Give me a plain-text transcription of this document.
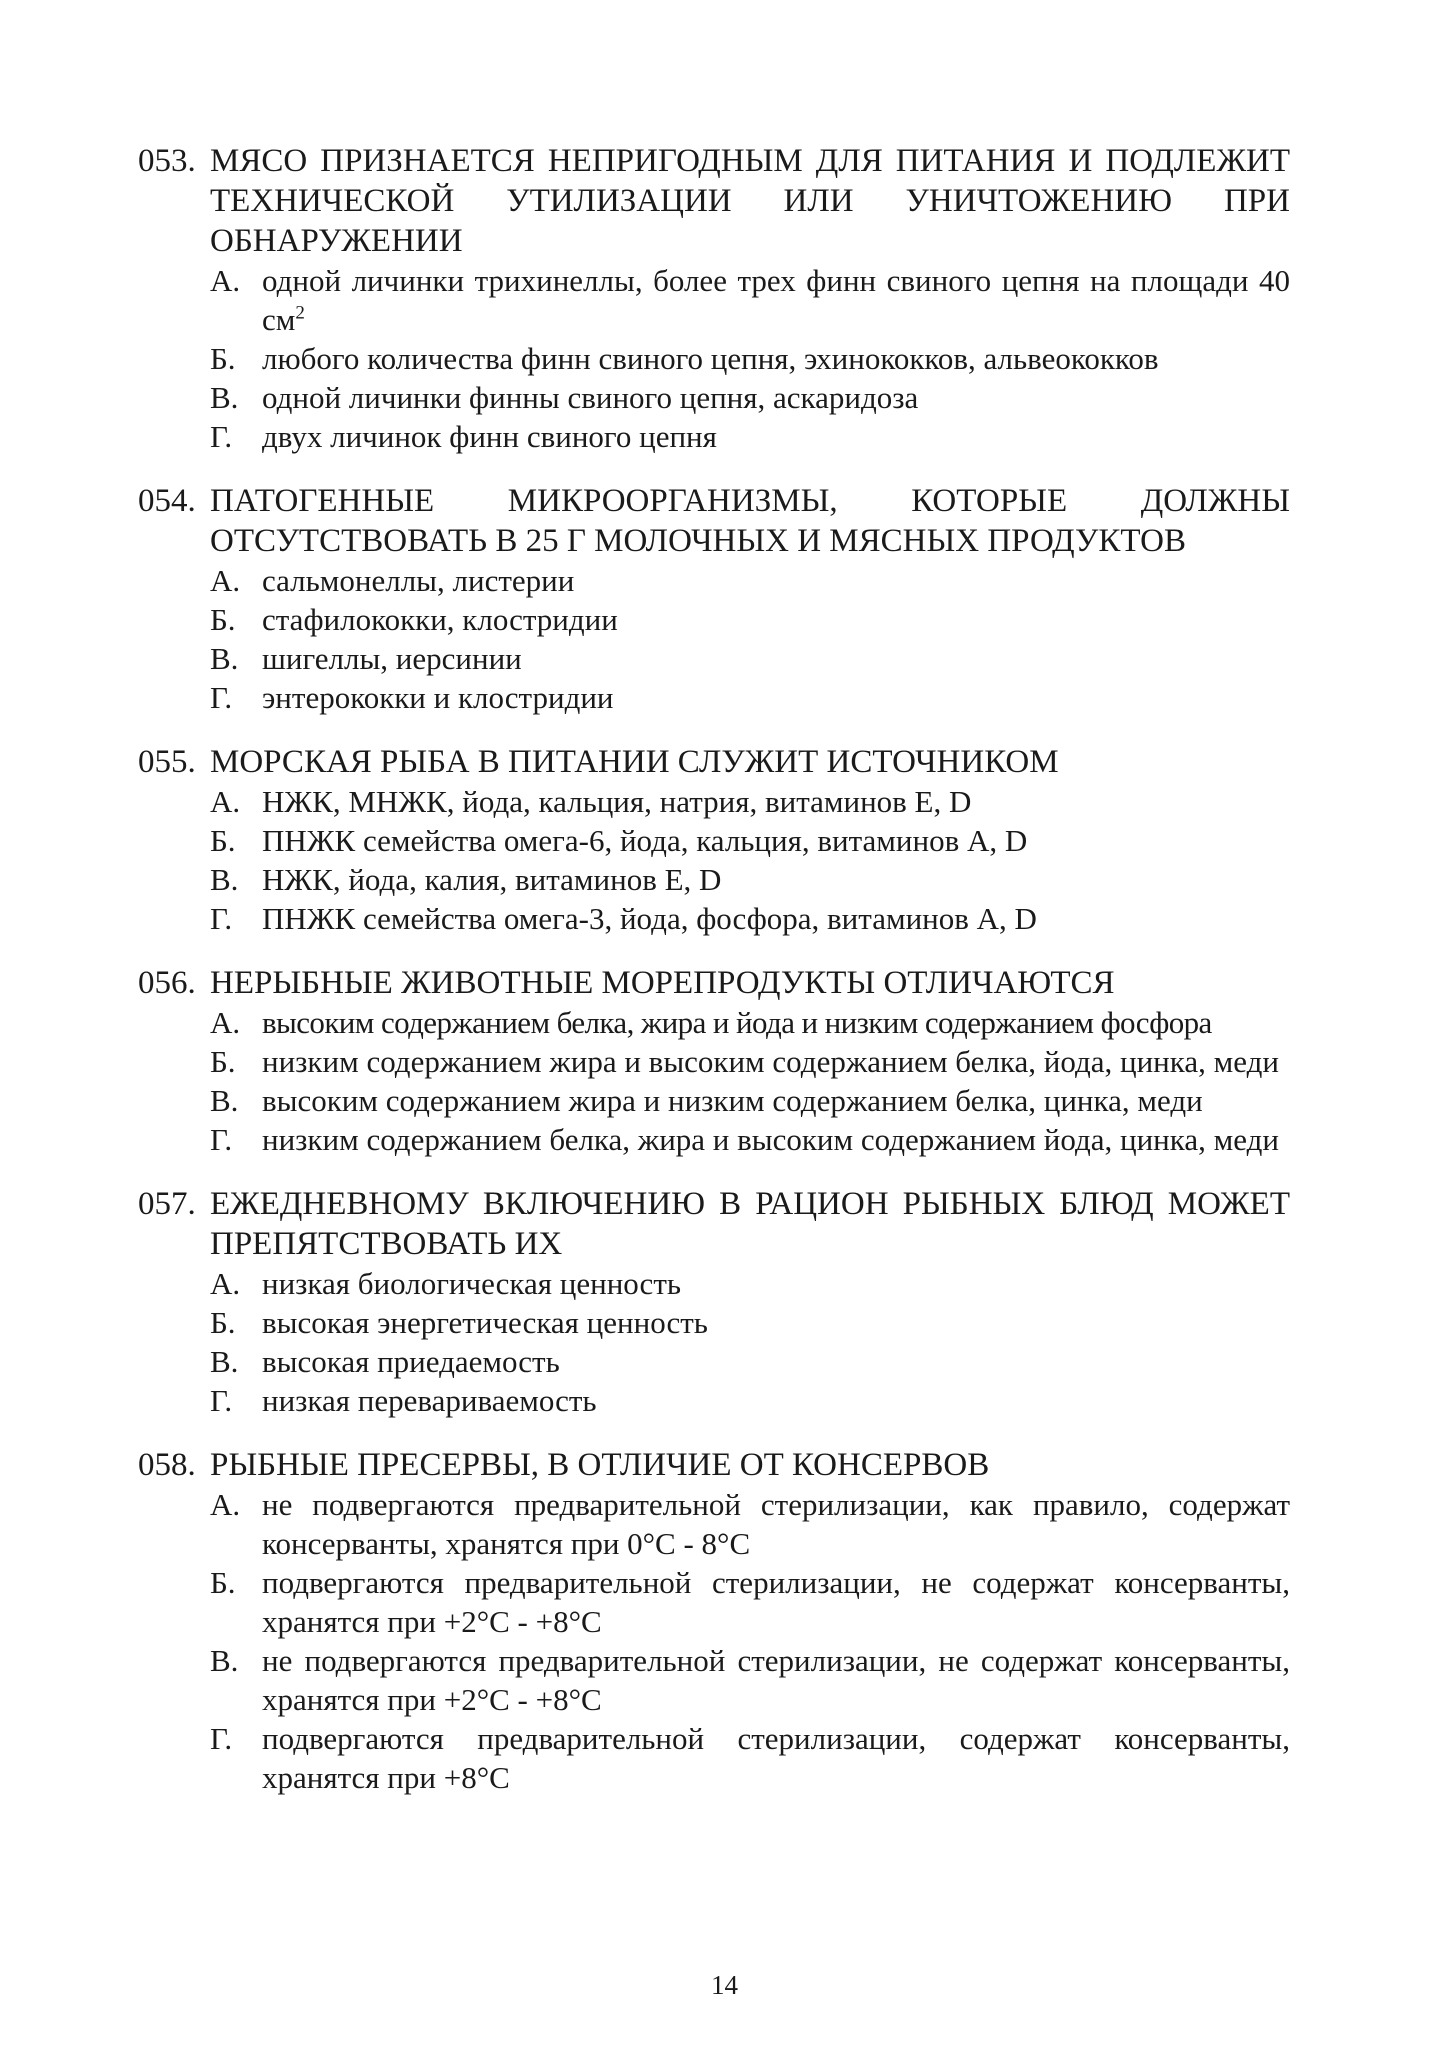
053. МЯСО ПРИЗНАЕТСЯ НЕПРИГОДНЫМ ДЛЯ ПИТАНИЯ И ПОДЛЕЖИТ ТЕХНИЧЕСКОЙ УТИЛИЗАЦИИ ИЛИ УНИЧТОЖЕНИЮ ПРИ ОБНАРУЖЕНИИ
А. одной личинки трихинеллы, более трех финн свиного цепня на площади 40 $см^2$
Б. любого количества финн свиного цепня, эхинококков, альвеококков
В. одной личинки финны свиного цепня, аскаридоза
Г. двух личинок финн свиного цепня
054. ПАТОГЕННЫЕ МИКРООРГАНИЗМЫ, КОТОРЫЕ ДОЛЖНЫ ОТСУТСТВОВАТЬ В 25 Г МОЛОЧНЫХ И МЯСНЫХ ПРОДУКТОВ
А. сальмонеллы, листерии
Б. стафилококки, клостридии
В. шигеллы, иерсинии
Г. энтерококки и клостридии
055. МОРСКАЯ РЫБА В ПИТАНИИ СЛУЖИТ ИСТОЧНИКОМ
А. НЖК, МНЖК, йода, кальция, натрия, витаминов Е, D
Б. ПНЖК семейства омега-6, йода, кальция, витаминов А, D
В. НЖК, йода, калия, витаминов Е, D
Г. ПНЖК семейства омега-3, йода, фосфора, витаминов А, D
056. НЕРЫБНЫЕ ЖИВОТНЫЕ МОРЕПРОДУКТЫ ОТЛИЧАЮТСЯ
А. высоким содержанием белка, жира и йода и низким содержанием фосфора
Б. низким содержанием жира и высоким содержанием белка, йода, цинка, меди
В. высоким содержанием жира и низким содержанием белка, цинка, меди
Г. низким содержанием белка, жира и высоким содержанием йода, цинка, меди
057. ЕЖЕДНЕВНОМУ ВКЛЮЧЕНИЮ В РАЦИОН РЫБНЫХ БЛЮД МОЖЕТ ПРЕПЯТСТВОВАТЬ ИХ
А. низкая биологическая ценность
Б. высокая энергетическая ценность
В. высокая приедаемость
Г. низкая перевариваемость
058. РЫБНЫЕ ПРЕСЕРВЫ, В ОТЛИЧИЕ ОТ КОНСЕРВОВ
А. не подвергаются предварительной стерилизации, как правило, содержат консерванты, хранятся при 0°С - 8°С
Б. подвергаются предварительной стерилизации, не содержат консерванты, хранятся при +2°С - +8°С
В. не подвергаются предварительной стерилизации, не содержат консерванты, хранятся при +2°С - +8°С
Г. подвергаются предварительной стерилизации, содержат консерванты, хранятся при +8°С
14
